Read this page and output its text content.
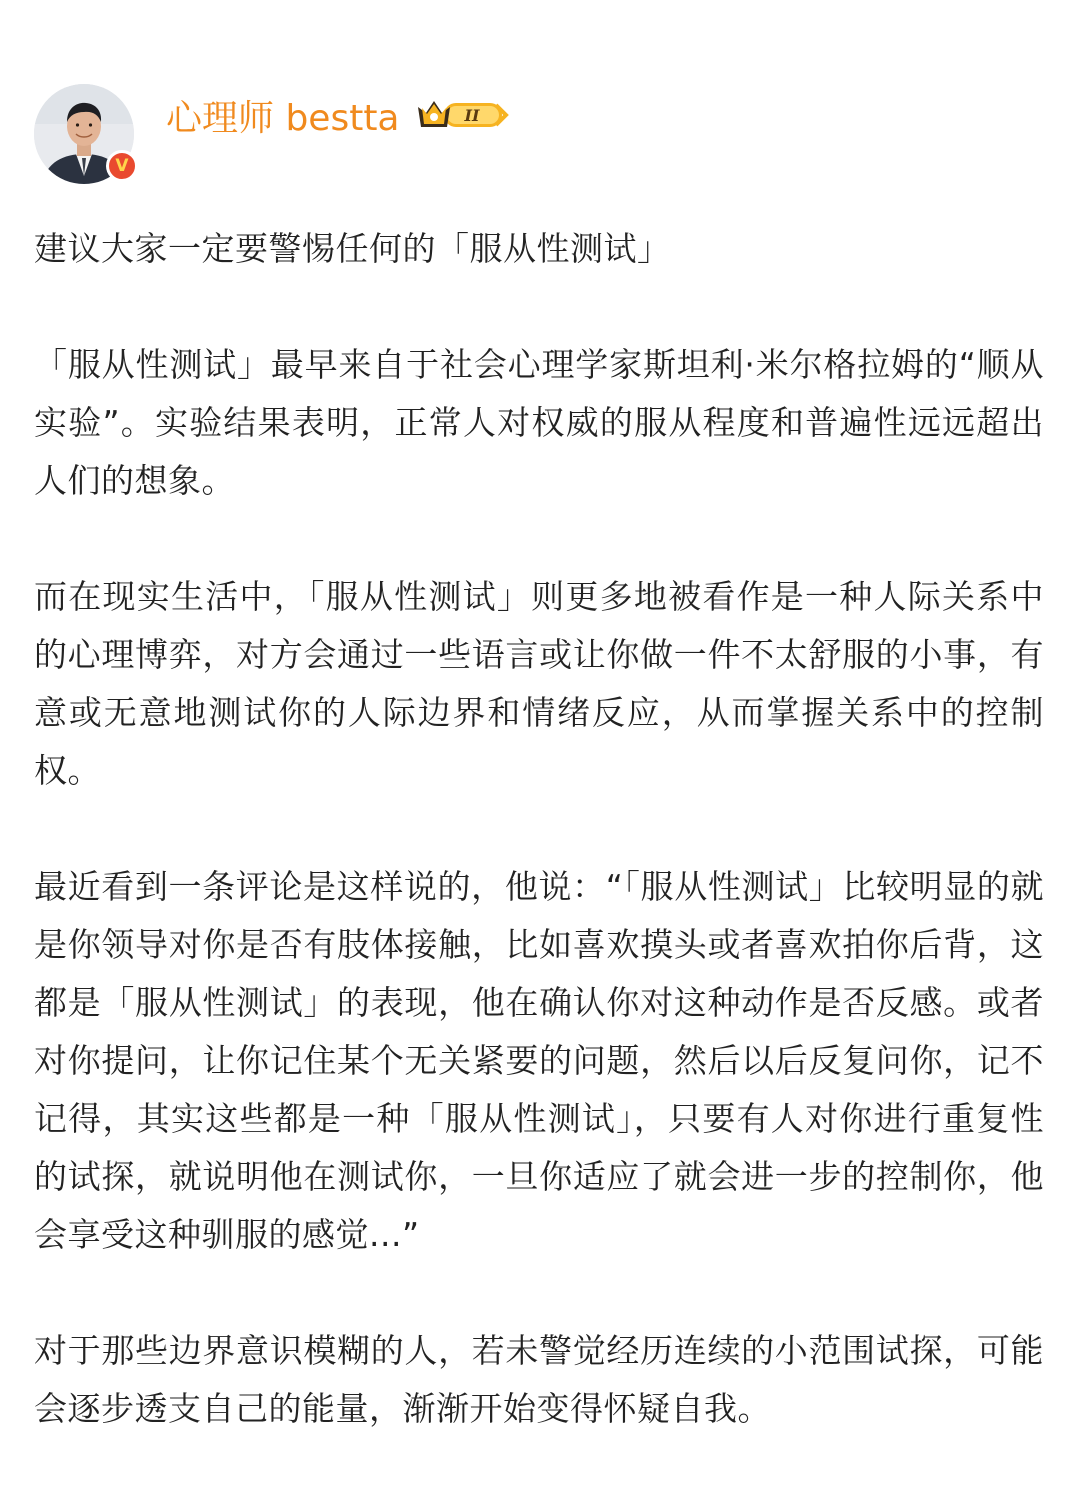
V
心理师 bestta	II

建议大家一定要警惕任何的「服从性测试」

「服从性测试」最早来自于社会心理学家斯坦利·米尔格拉姆的“顺从实验”。实验结果表明，正常人对权威的服从程度和普遍性远远超出人们的想象。

而在现实生活中，「服从性测试」则更多地被看作是一种人际关系中的心理博弈，对方会通过一些语言或让你做一件不太舒服的小事，有意或无意地测试你的人际边界和情绪反应，从而掌握关系中的控制权。

最近看到一条评论是这样说的，他说：“「服从性测试」比较明显的就是你领导对你是否有肢体接触，比如喜欢摸头或者喜欢拍你后背，这都是「服从性测试」的表现，他在确认你对这种动作是否反感。或者对你提问，让你记住某个无关紧要的问题，然后以后反复问你，记不记得，其实这些都是一种「服从性测试」，只要有人对你进行重复性的试探，就说明他在测试你，一旦你适应了就会进一步的控制你，他会享受这种驯服的感觉...”

对于那些边界意识模糊的人，若未警觉经历连续的小范围试探，可能会逐步透支自己的能量，渐渐开始变得怀疑自我。
